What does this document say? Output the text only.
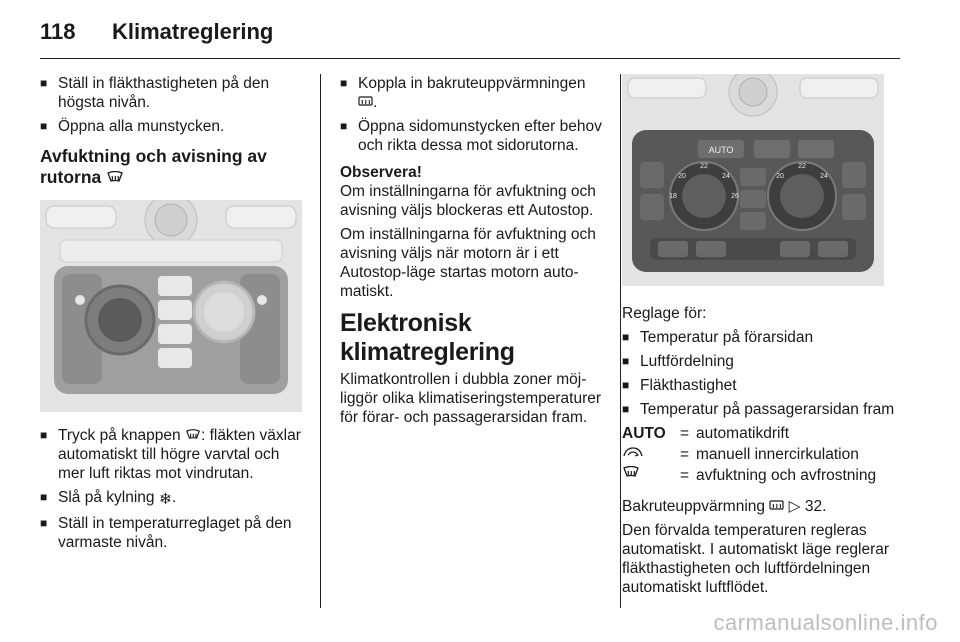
118	Klimatreglering
■ Ställ in fläkthastigheten på den högsta nivån.
■ Öppna alla munstycken.
Avfuktning och avisning av rutorna
■ Tryck på knappen : fläkten växlar automatiskt till högre varvtal och mer luft riktas mot vindrutan.
■ Slå på kylning ❄.
■ Ställ in temperaturreglaget på den varmaste nivån.
■ Koppla in bakruteuppvärmningen .
■ Öppna sidomunstycken efter behov och rikta dessa mot sidorutorna.
Observera!
Om inställningarna för avfuktning och avisning väljs blockeras ett Autostop.
Om inställningarna för avfuktning och avisning väljs när motorn är i ett Autostop-läge startas motorn automatiskt.
Elektronisk klimatreglering
Klimatkontrollen i dubbla zoner möjliggör olika klimatiseringstemperaturer för förar- och passagerarsidan fram.
AUTO
22
24
26
20
18
22
24
20
Reglage för:
■ Temperatur på förarsidan
■ Luftfördelning
■ Fläkthastighet
■ Temperatur på passagerarsidan fram
AUTO	=	automatikdrift
	=	manuell innercirkulation
	=	avfuktning och avfrostning
Bakruteuppvärmning ▷ 32.
Den förvalda temperaturen regleras automatiskt. I automatiskt läge reglerar fläkthastigheten och luftfördelningen automatiskt luftflödet.
carmanualsonline.info
